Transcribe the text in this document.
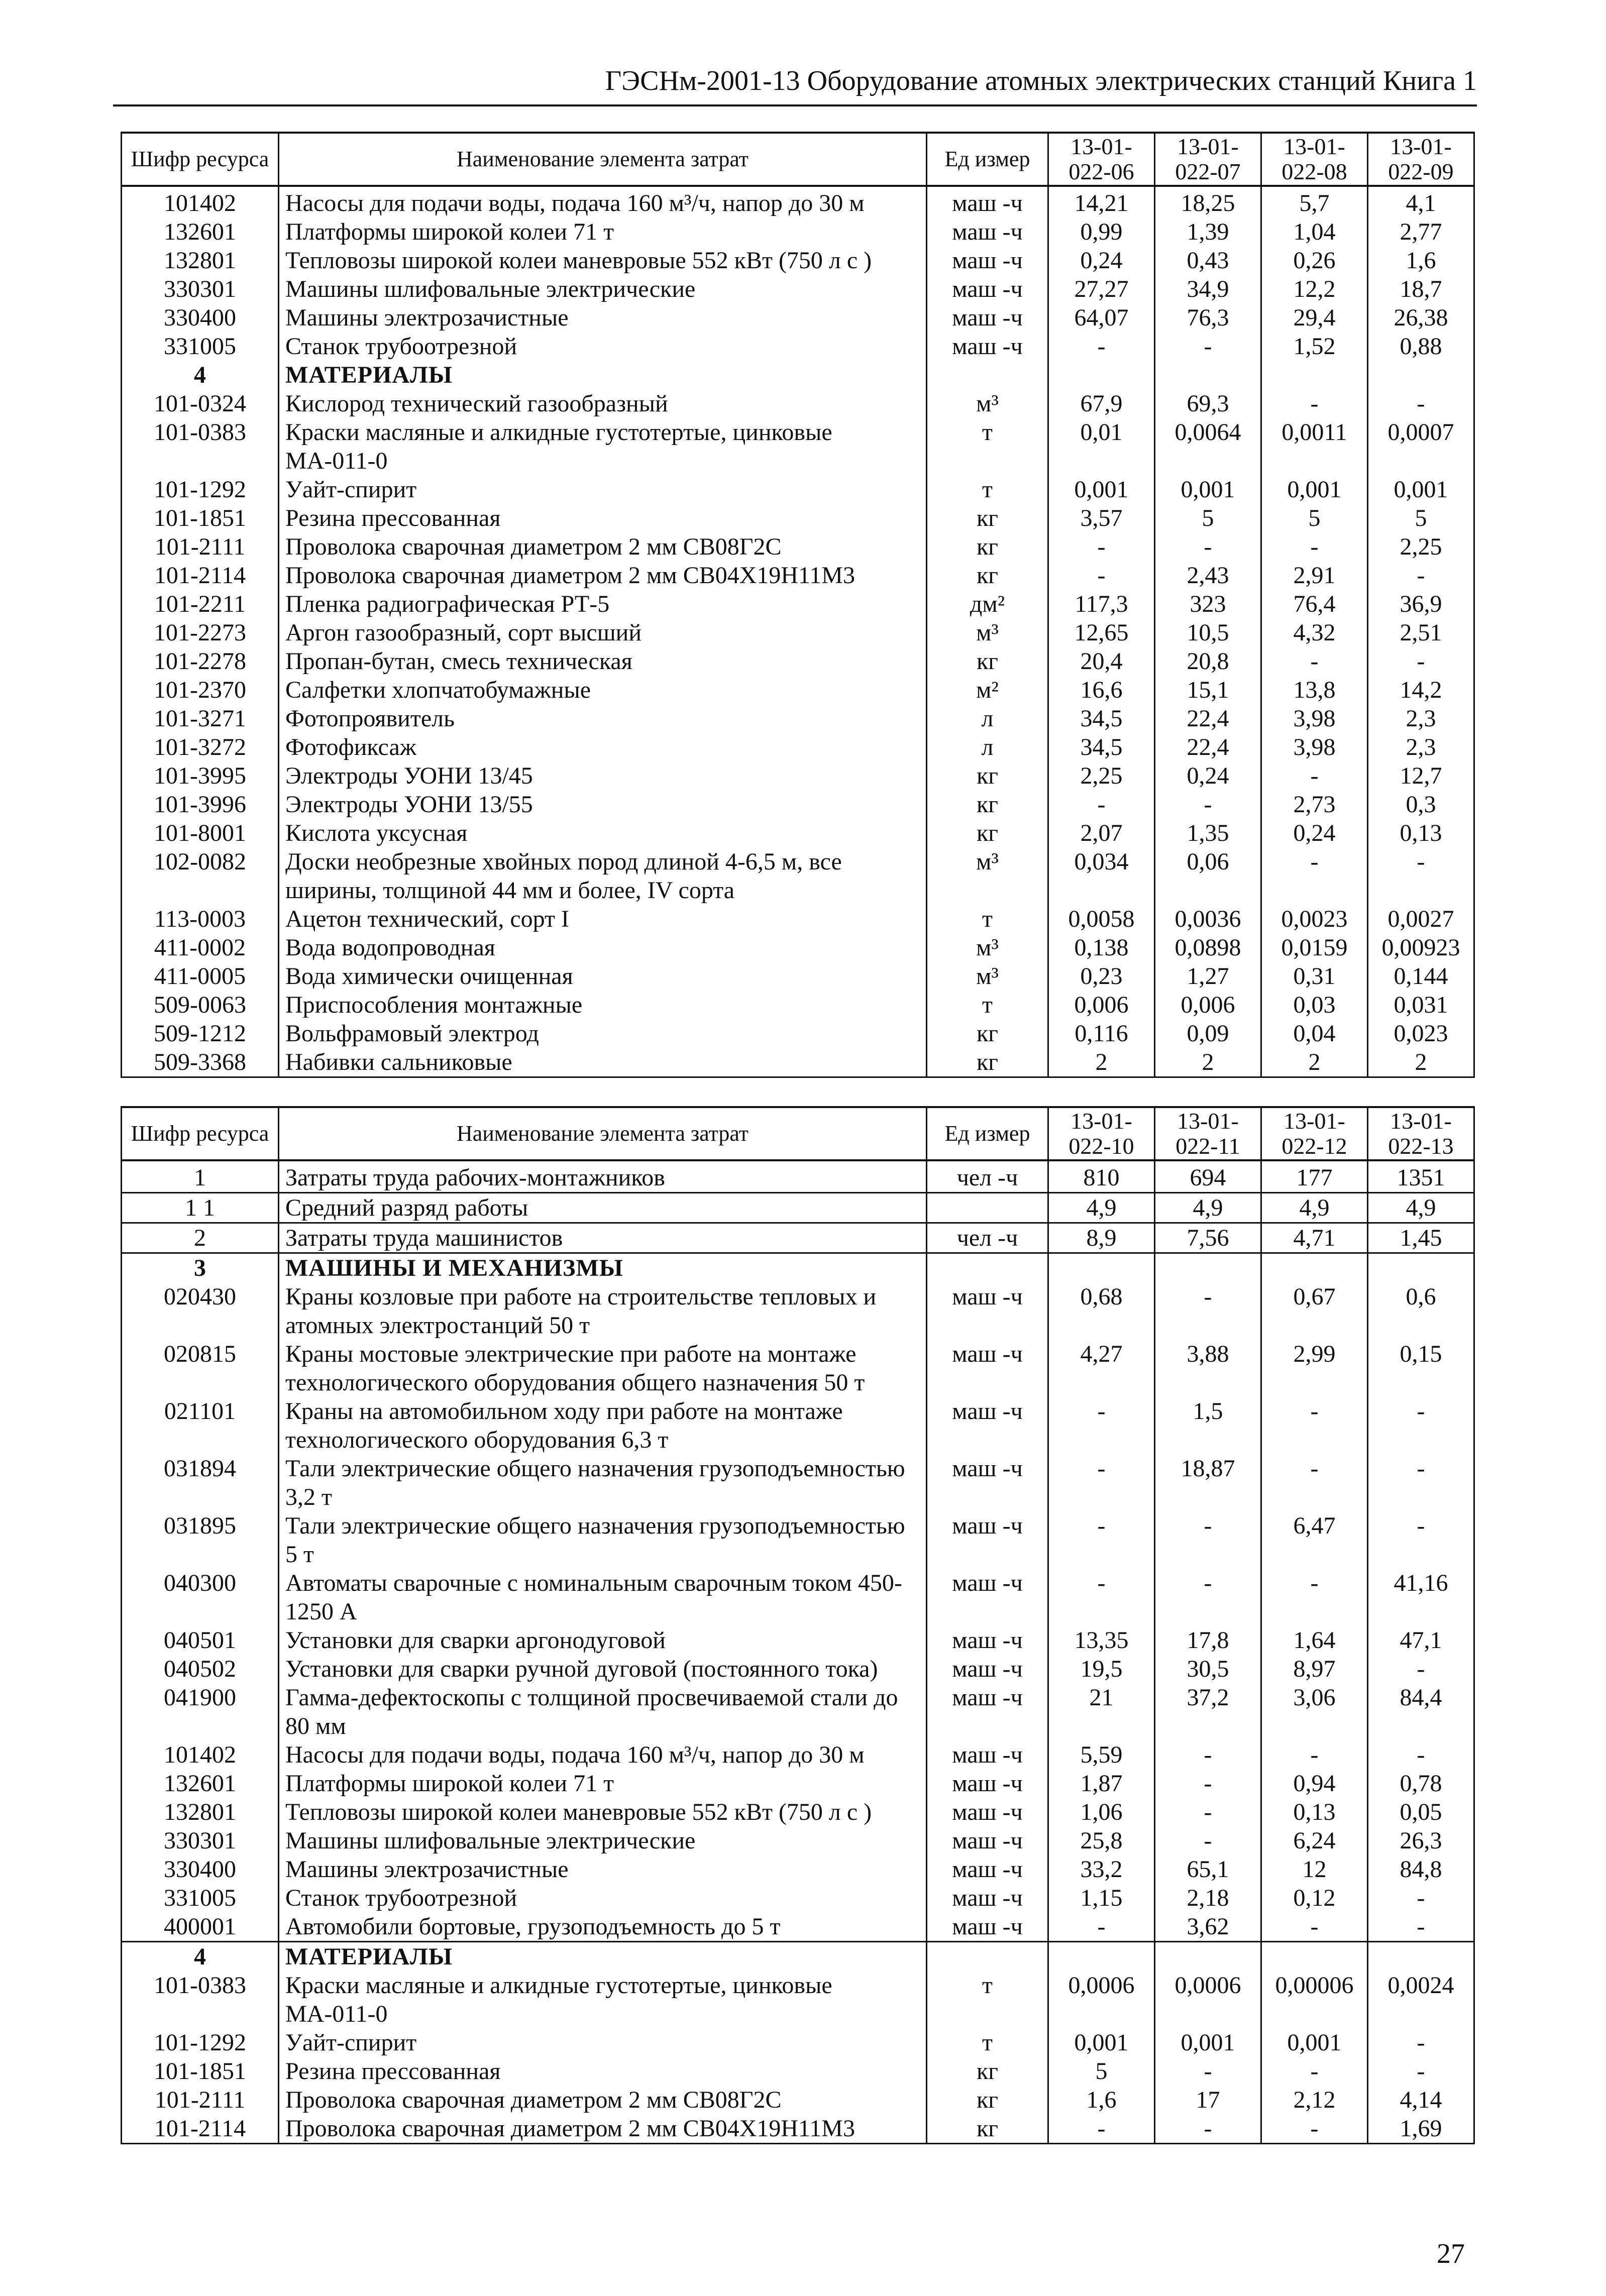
ГЭСНм-2001-13 Оборудование атомных электрических станций Книга 1
Шифр ресурса	Наименование элемента затрат	Ед измер	13-01-022-06	13-01-022-07	13-01-022-08	13-01-022-09
101402	Насосы для подачи воды, подача 160 м³/ч, напор до 30 м	маш -ч	14,21	18,25	5,7	4,1
132601	Платформы широкой колеи 71 т	маш -ч	0,99	1,39	1,04	2,77
132801	Тепловозы широкой колеи маневровые 552 кВт (750 л с )	маш -ч	0,24	0,43	0,26	1,6
330301	Машины шлифовальные электрические	маш -ч	27,27	34,9	12,2	18,7
330400	Машины электрозачистные	маш -ч	64,07	76,3	29,4	26,38
331005	Станок трубоотрезной	маш -ч	-	-	1,52	0,88
4	МАТЕРИАЛЫ					
101-0324	Кислород технический газообразный	м³	67,9	69,3	-	-
101-0383	Краски масляные и алкидные густотертые, цинковые МА-011-0	т	0,01	0,0064	0,0011	0,0007
101-1292	Уайт-спирит	т	0,001	0,001	0,001	0,001
101-1851	Резина прессованная	кг	3,57	5	5	5
101-2111	Проволока сварочная диаметром 2 мм СВ08Г2С	кг	-	-	-	2,25
101-2114	Проволока сварочная диаметром 2 мм СВ04Х19Н11М3	кг	-	2,43	2,91	-
101-2211	Пленка радиографическая РТ-5	дм²	117,3	323	76,4	36,9
101-2273	Аргон газообразный, сорт высший	м³	12,65	10,5	4,32	2,51
101-2278	Пропан-бутан, смесь техническая	кг	20,4	20,8	-	-
101-2370	Салфетки хлопчатобумажные	м²	16,6	15,1	13,8	14,2
101-3271	Фотопроявитель	л	34,5	22,4	3,98	2,3
101-3272	Фотофиксаж	л	34,5	22,4	3,98	2,3
101-3995	Электроды УОНИ 13/45	кг	2,25	0,24	-	12,7
101-3996	Электроды УОНИ 13/55	кг	-	-	2,73	0,3
101-8001	Кислота уксусная	кг	2,07	1,35	0,24	0,13
102-0082	Доски необрезные хвойных пород длиной 4-6,5 м, все ширины, толщиной 44 мм и более, IV сорта	м³	0,034	0,06	-	-
113-0003	Ацетон технический, сорт I	т	0,0058	0,0036	0,0023	0,0027
411-0002	Вода водопроводная	м³	0,138	0,0898	0,0159	0,00923
411-0005	Вода химически очищенная	м³	0,23	1,27	0,31	0,144
509-0063	Приспособления монтажные	т	0,006	0,006	0,03	0,031
509-1212	Вольфрамовый электрод	кг	0,116	0,09	0,04	0,023
509-3368	Набивки сальниковые	кг	2	2	2	2
Шифр ресурса	Наименование элемента затрат	Ед измер	13-01-022-10	13-01-022-11	13-01-022-12	13-01-022-13
1	Затраты труда рабочих-монтажников	чел -ч	810	694	177	1351
1 1	Средний разряд работы		4,9	4,9	4,9	4,9
2	Затраты труда машинистов	чел -ч	8,9	7,56	4,71	1,45
3	МАШИНЫ И МЕХАНИЗМЫ					
020430	Краны козловые при работе на строительстве тепловых и атомных электростанций 50 т	маш -ч	0,68	-	0,67	0,6
020815	Краны мостовые электрические при работе на монтаже технологического оборудования общего назначения 50 т	маш -ч	4,27	3,88	2,99	0,15
021101	Краны на автомобильном ходу при работе на монтаже технологического оборудования 6,3 т	маш -ч	-	1,5	-	-
031894	Тали электрические общего назначения грузоподъемностью 3,2 т	маш -ч	-	18,87	-	-
031895	Тали электрические общего назначения грузоподъемностью 5 т	маш -ч	-	-	6,47	-
040300	Автоматы сварочные с номинальным сварочным током 450-1250 А	маш -ч	-	-	-	41,16
040501	Установки для сварки аргонодуговой	маш -ч	13,35	17,8	1,64	47,1
040502	Установки для сварки ручной дуговой (постоянного тока)	маш -ч	19,5	30,5	8,97	-
041900	Гамма-дефектоскопы с толщиной просвечиваемой стали до 80 мм	маш -ч	21	37,2	3,06	84,4
101402	Насосы для подачи воды, подача 160 м³/ч, напор до 30 м	маш -ч	5,59	-	-	-
132601	Платформы широкой колеи 71 т	маш -ч	1,87	-	0,94	0,78
132801	Тепловозы широкой колеи маневровые 552 кВт (750 л с )	маш -ч	1,06	-	0,13	0,05
330301	Машины шлифовальные электрические	маш -ч	25,8	-	6,24	26,3
330400	Машины электрозачистные	маш -ч	33,2	65,1	12	84,8
331005	Станок трубоотрезной	маш -ч	1,15	2,18	0,12	-
400001	Автомобили бортовые, грузоподъемность до 5 т	маш -ч	-	3,62	-	-
4	МАТЕРИАЛЫ					
101-0383	Краски масляные и алкидные густотертые, цинковые МА-011-0	т	0,0006	0,0006	0,00006	0,0024
101-1292	Уайт-спирит	т	0,001	0,001	0,001	-
101-1851	Резина прессованная	кг	5	-	-	-
101-2111	Проволока сварочная диаметром 2 мм СВ08Г2С	кг	1,6	17	2,12	4,14
101-2114	Проволока сварочная диаметром 2 мм СВ04Х19Н11М3	кг	-	-	-	1,69
27
